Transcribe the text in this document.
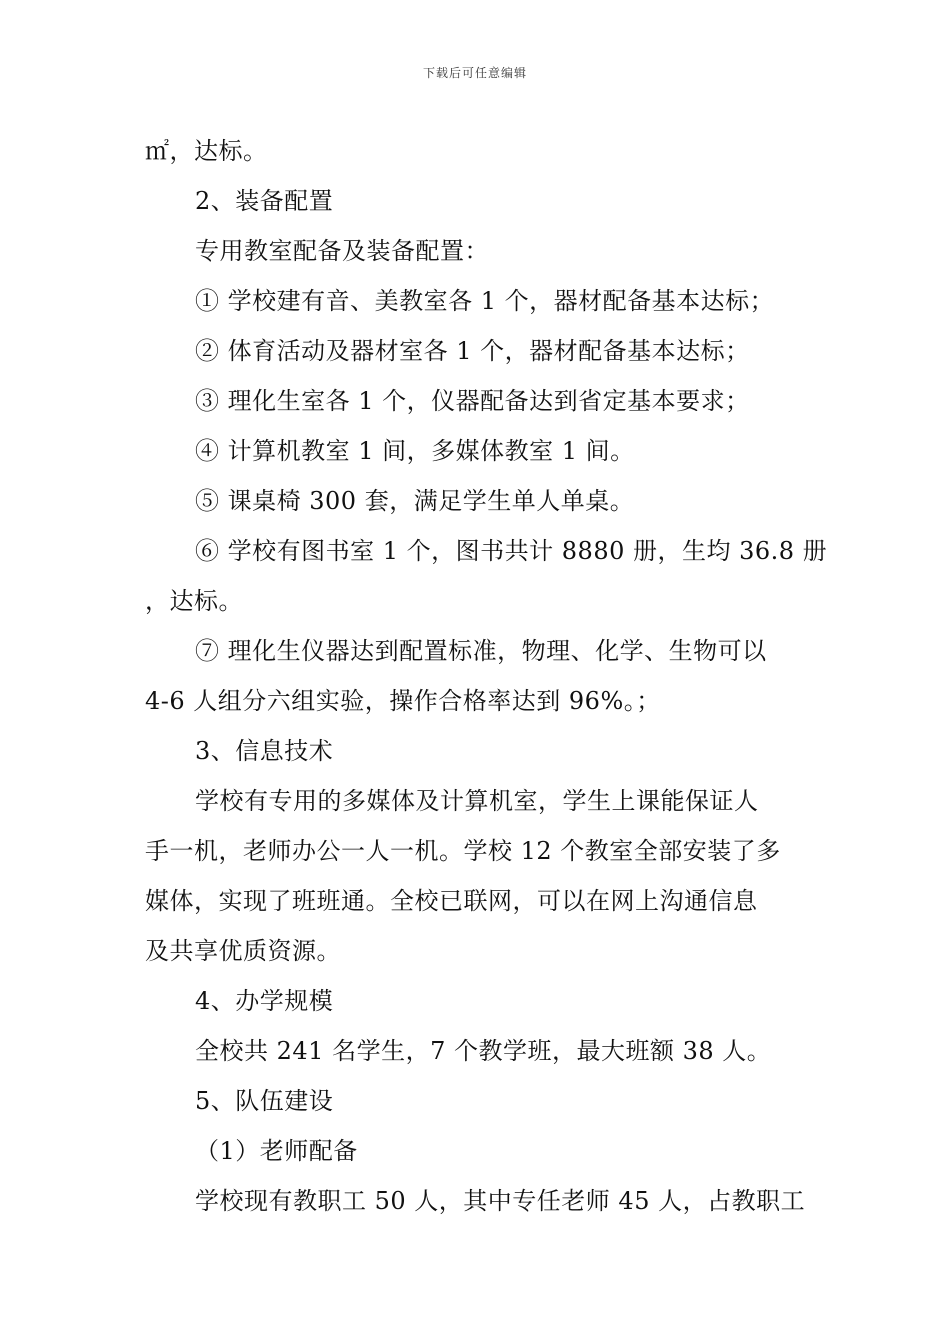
下载后可任意编辑
㎡，达标。
2、装备配置
专用教室配备及装备配置：
① 学校建有音、美教室各 1 个，器材配备基本达标；
② 体育活动及器材室各 1 个，器材配备基本达标；
③ 理化生室各 1 个，仪器配备达到省定基本要求；
④ 计算机教室 1 间，多媒体教室 1 间。
⑤ 课桌椅 300 套，满足学生单人单桌。
⑥ 学校有图书室 1 个，图书共计 8880 册，生均 36.8 册
，达标。
⑦ 理化生仪器达到配置标准，物理、化学、生物可以
4-6 人组分六组实验，操作合格率达到 96%。；
3、信息技术
学校有专用的多媒体及计算机室，学生上课能保证人
手一机，老师办公一人一机。学校 12 个教室全部安装了多
媒体，实现了班班通。全校已联网，可以在网上沟通信息
及共享优质资源。
4、办学规模
全校共 241 名学生，7 个教学班，最大班额 38 人。
5、队伍建设
（1）老师配备
学校现有教职工 50 人，其中专任老师 45 人，占教职工
